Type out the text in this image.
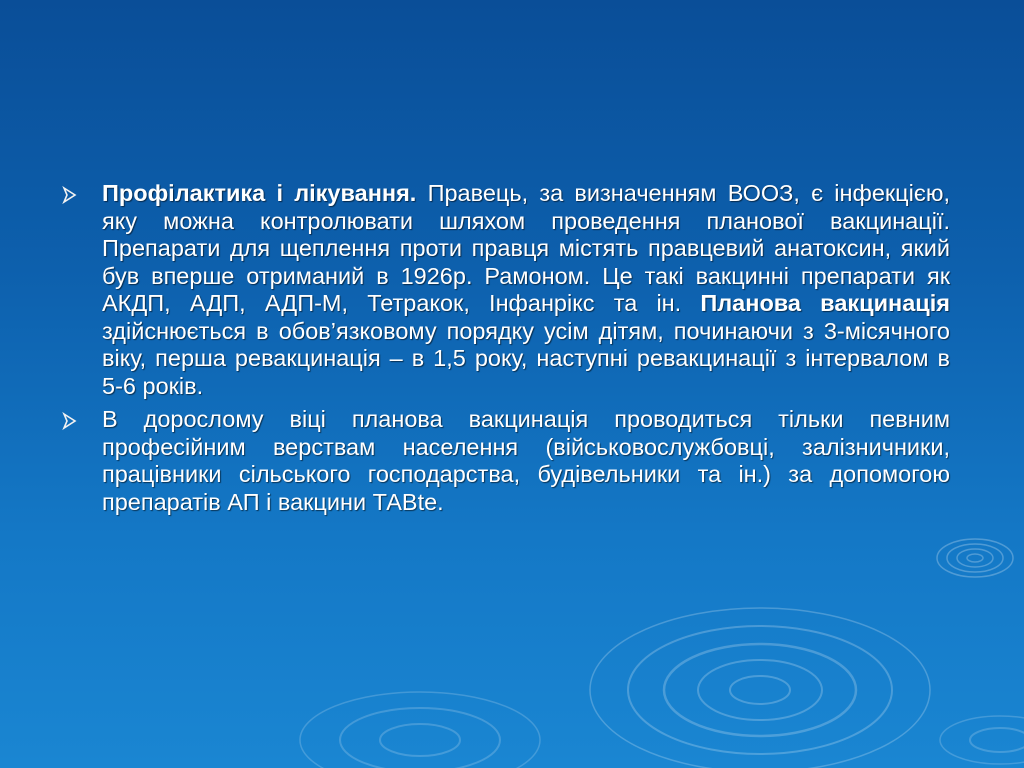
Профілактика і лікування. Правець, за визначенням ВООЗ, є інфекцією, яку можна контролювати шляхом проведення планової вакцинації. Препарати для щеплення проти правця містять правцевий анатоксин, який був вперше отриманий в 1926р. Рамоном. Це такі вакцинні препарати як АКДП, АДП, АДП-М, Тетракок, Інфанрікс та ін. Планова вакцинація здійснюється в обов’язковому порядку усім дітям, починаючи з 3-місячного віку, перша ревакцинація – в 1,5 року, наступні ревакцинації з інтервалом в 5-6 років.
В дорослому віці планова вакцинація проводиться тільки певним професійним верствам населення (військовослужбовці, залізничники, працівники сільського господарства, будівельники та ін.) за допомогою препаратів АП і вакцини ТАВte.
